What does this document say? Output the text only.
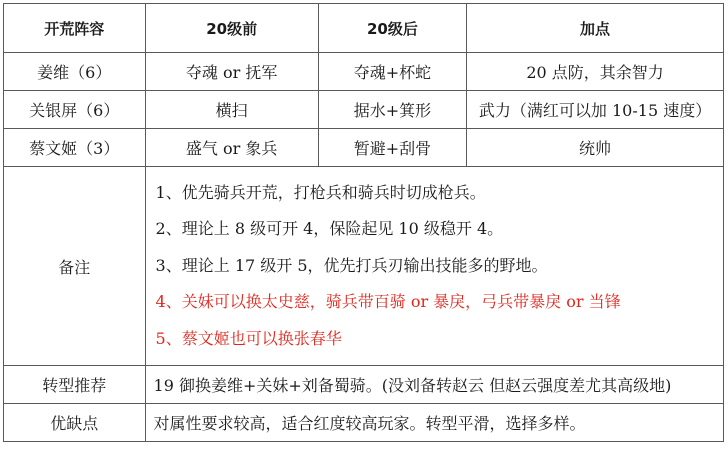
开荒阵容	20级前	20级后	加点
姜维（6）	夺魂 or 抚军	夺魂+杯蛇	20 点防，其余智力
关银屏（6）	横扫	据水+箕形	武力（满红可以加 10-15 速度）
蔡文姬（3）	盛气 or 象兵	暂避+刮骨	统帅
备注	1、优先骑兵开荒，打枪兵和骑兵时切成枪兵。
2、理论上 8 级可开 4，保险起见 10 级稳开 4。
3、理论上 17 级开 5，优先打兵刃输出技能多的野地。
4、关妹可以换太史慈，骑兵带百骑 or 暴戾，弓兵带暴戾 or 当锋
5、蔡文姬也可以换张春华		

转型推荐	19 御换姜维+关妹+刘备蜀骑。(没刘备转赵云 但赵云强度差尤其高级地)		
优缺点	对属性要求较高，适合红度较高玩家。转型平滑，选择多样。		
